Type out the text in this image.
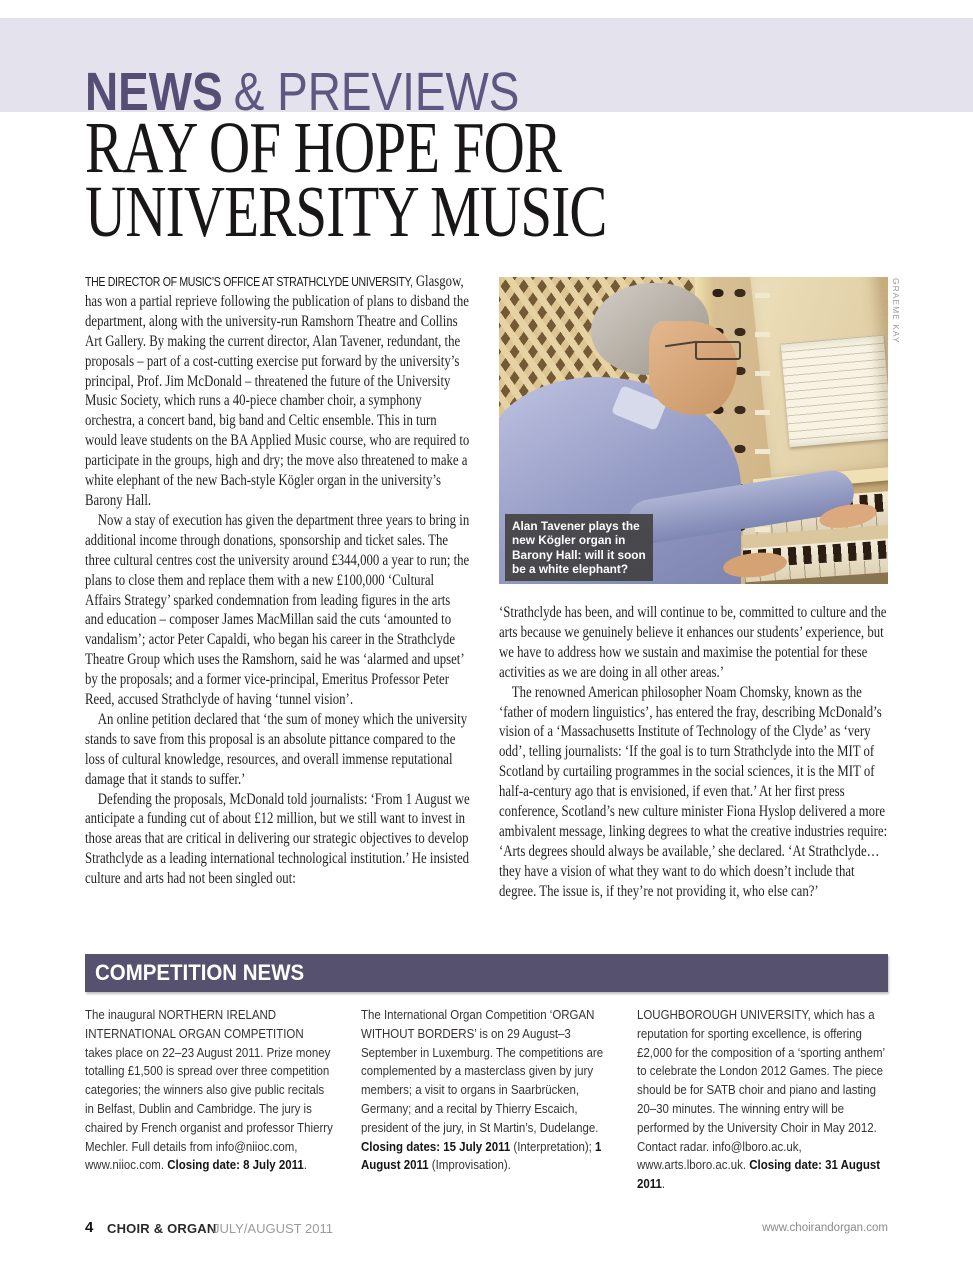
NEWS & PREVIEWS
RAY OF HOPE FOR
UNIVERSITY MUSIC

THE DIRECTOR OF MUSIC’S OFFICE AT STRATHCLYDE UNIVERSITY, Glasgow, has won a partial reprieve following the publication of plans to disband the department, along with the university-run Ramshorn Theatre and Collins Art Gallery. By making the current director, Alan Tavener, redundant, the proposals – part of a cost-cutting exercise put forward by the university’s principal, Prof. Jim McDonald – threatened the future of the University Music Society, which runs a 40-piece chamber choir, a symphony orchestra, a concert band, big band and Celtic ensemble. This in turn would leave students on the BA Applied Music course, who are required to participate in the groups, high and dry; the move also threatened to make a white elephant of the new Bach-style Kögler organ in the university’s Barony Hall.

Now a stay of execution has given the department three years to bring in additional income through donations, sponsorship and ticket sales. The three cultural centres cost the university around £344,000 a year to run; the plans to close them and replace them with a new £100,000 ‘Cultural Affairs Strategy’ sparked condemnation from leading figures in the arts and education – composer James MacMillan said the cuts ‘amounted to vandalism’; actor Peter Capaldi, who began his career in the Strathclyde Theatre Group which uses the Ramshorn, said he was ‘alarmed and upset’ by the proposals; and a former vice-principal, Emeritus Professor Peter Reed, accused Strathclyde of having ‘tunnel vision’.

An online petition declared that ‘the sum of money which the university stands to save from this proposal is an absolute pittance compared to the loss of cultural knowledge, resources, and overall immense reputational damage that it stands to suffer.’

Defending the proposals, McDonald told journalists: ‘From 1 August we anticipate a funding cut of about £12 million, but we still want to invest in those areas that are critical in delivering our strategic objectives to develop Strathclyde as a leading international technological institution.’ He insisted culture and arts had not been singled out:

Alan Tavener plays the new Kögler organ in Barony Hall: will it soon be a white elephant?
GRAEME KAY

‘Strathclyde has been, and will continue to be, committed to culture and the arts because we genuinely believe it enhances our students’ experience, but we have to address how we sustain and maximise the potential for these activities as we are doing in all other areas.’

The renowned American philosopher Noam Chomsky, known as the ‘father of modern linguistics’, has entered the fray, describing McDonald’s vision of a ‘Massachusetts Institute of Technology of the Clyde’ as ‘very odd’, telling journalists: ‘If the goal is to turn Strathclyde into the MIT of Scotland by curtailing programmes in the social sciences, it is the MIT of half-a-century ago that is envisioned, if even that.’ At her first press conference, Scotland’s new culture minister Fiona Hyslop delivered a more ambivalent message, linking degrees to what the creative industries require: ‘Arts degrees should always be available,’ she declared. ‘At Strathclyde… they have a vision of what they want to do which doesn’t include that degree. The issue is, if they’re not providing it, who else can?’

COMPETITION NEWS
The inaugural NORTHERN IRELAND INTERNATIONAL ORGAN COMPETITION takes place on 22–23 August 2011. Prize money totalling £1,500 is spread over three competition categories; the winners also give public recitals in Belfast, Dublin and Cambridge. The jury is chaired by French organist and professor Thierry Mechler. Full details from info@niioc.com, www.niioc.com. Closing date: 8 July 2011.
The International Organ Competition ‘ORGAN WITHOUT BORDERS’ is on 29 August–3 September in Luxemburg. The competitions are complemented by a masterclass given by jury members; a visit to organs in Saarbrücken, Germany; and a recital by Thierry Escaich, president of the jury, in St Martin’s, Dudelange. Closing dates: 15 July 2011 (Interpretation); 1 August 2011 (Improvisation).
LOUGHBOROUGH UNIVERSITY, which has a reputation for sporting excellence, is offering £2,000 for the composition of a ‘sporting anthem’ to celebrate the London 2012 Games. The piece should be for SATB choir and piano and lasting 20–30 minutes. The winning entry will be performed by the University Choir in May 2012. Contact radar. info@lboro.ac.uk, www.arts.lboro.ac.uk. Closing date: 31 August 2011.
4 CHOIR & ORGAN
JULY/AUGUST 2011	www.choirandorgan.com
